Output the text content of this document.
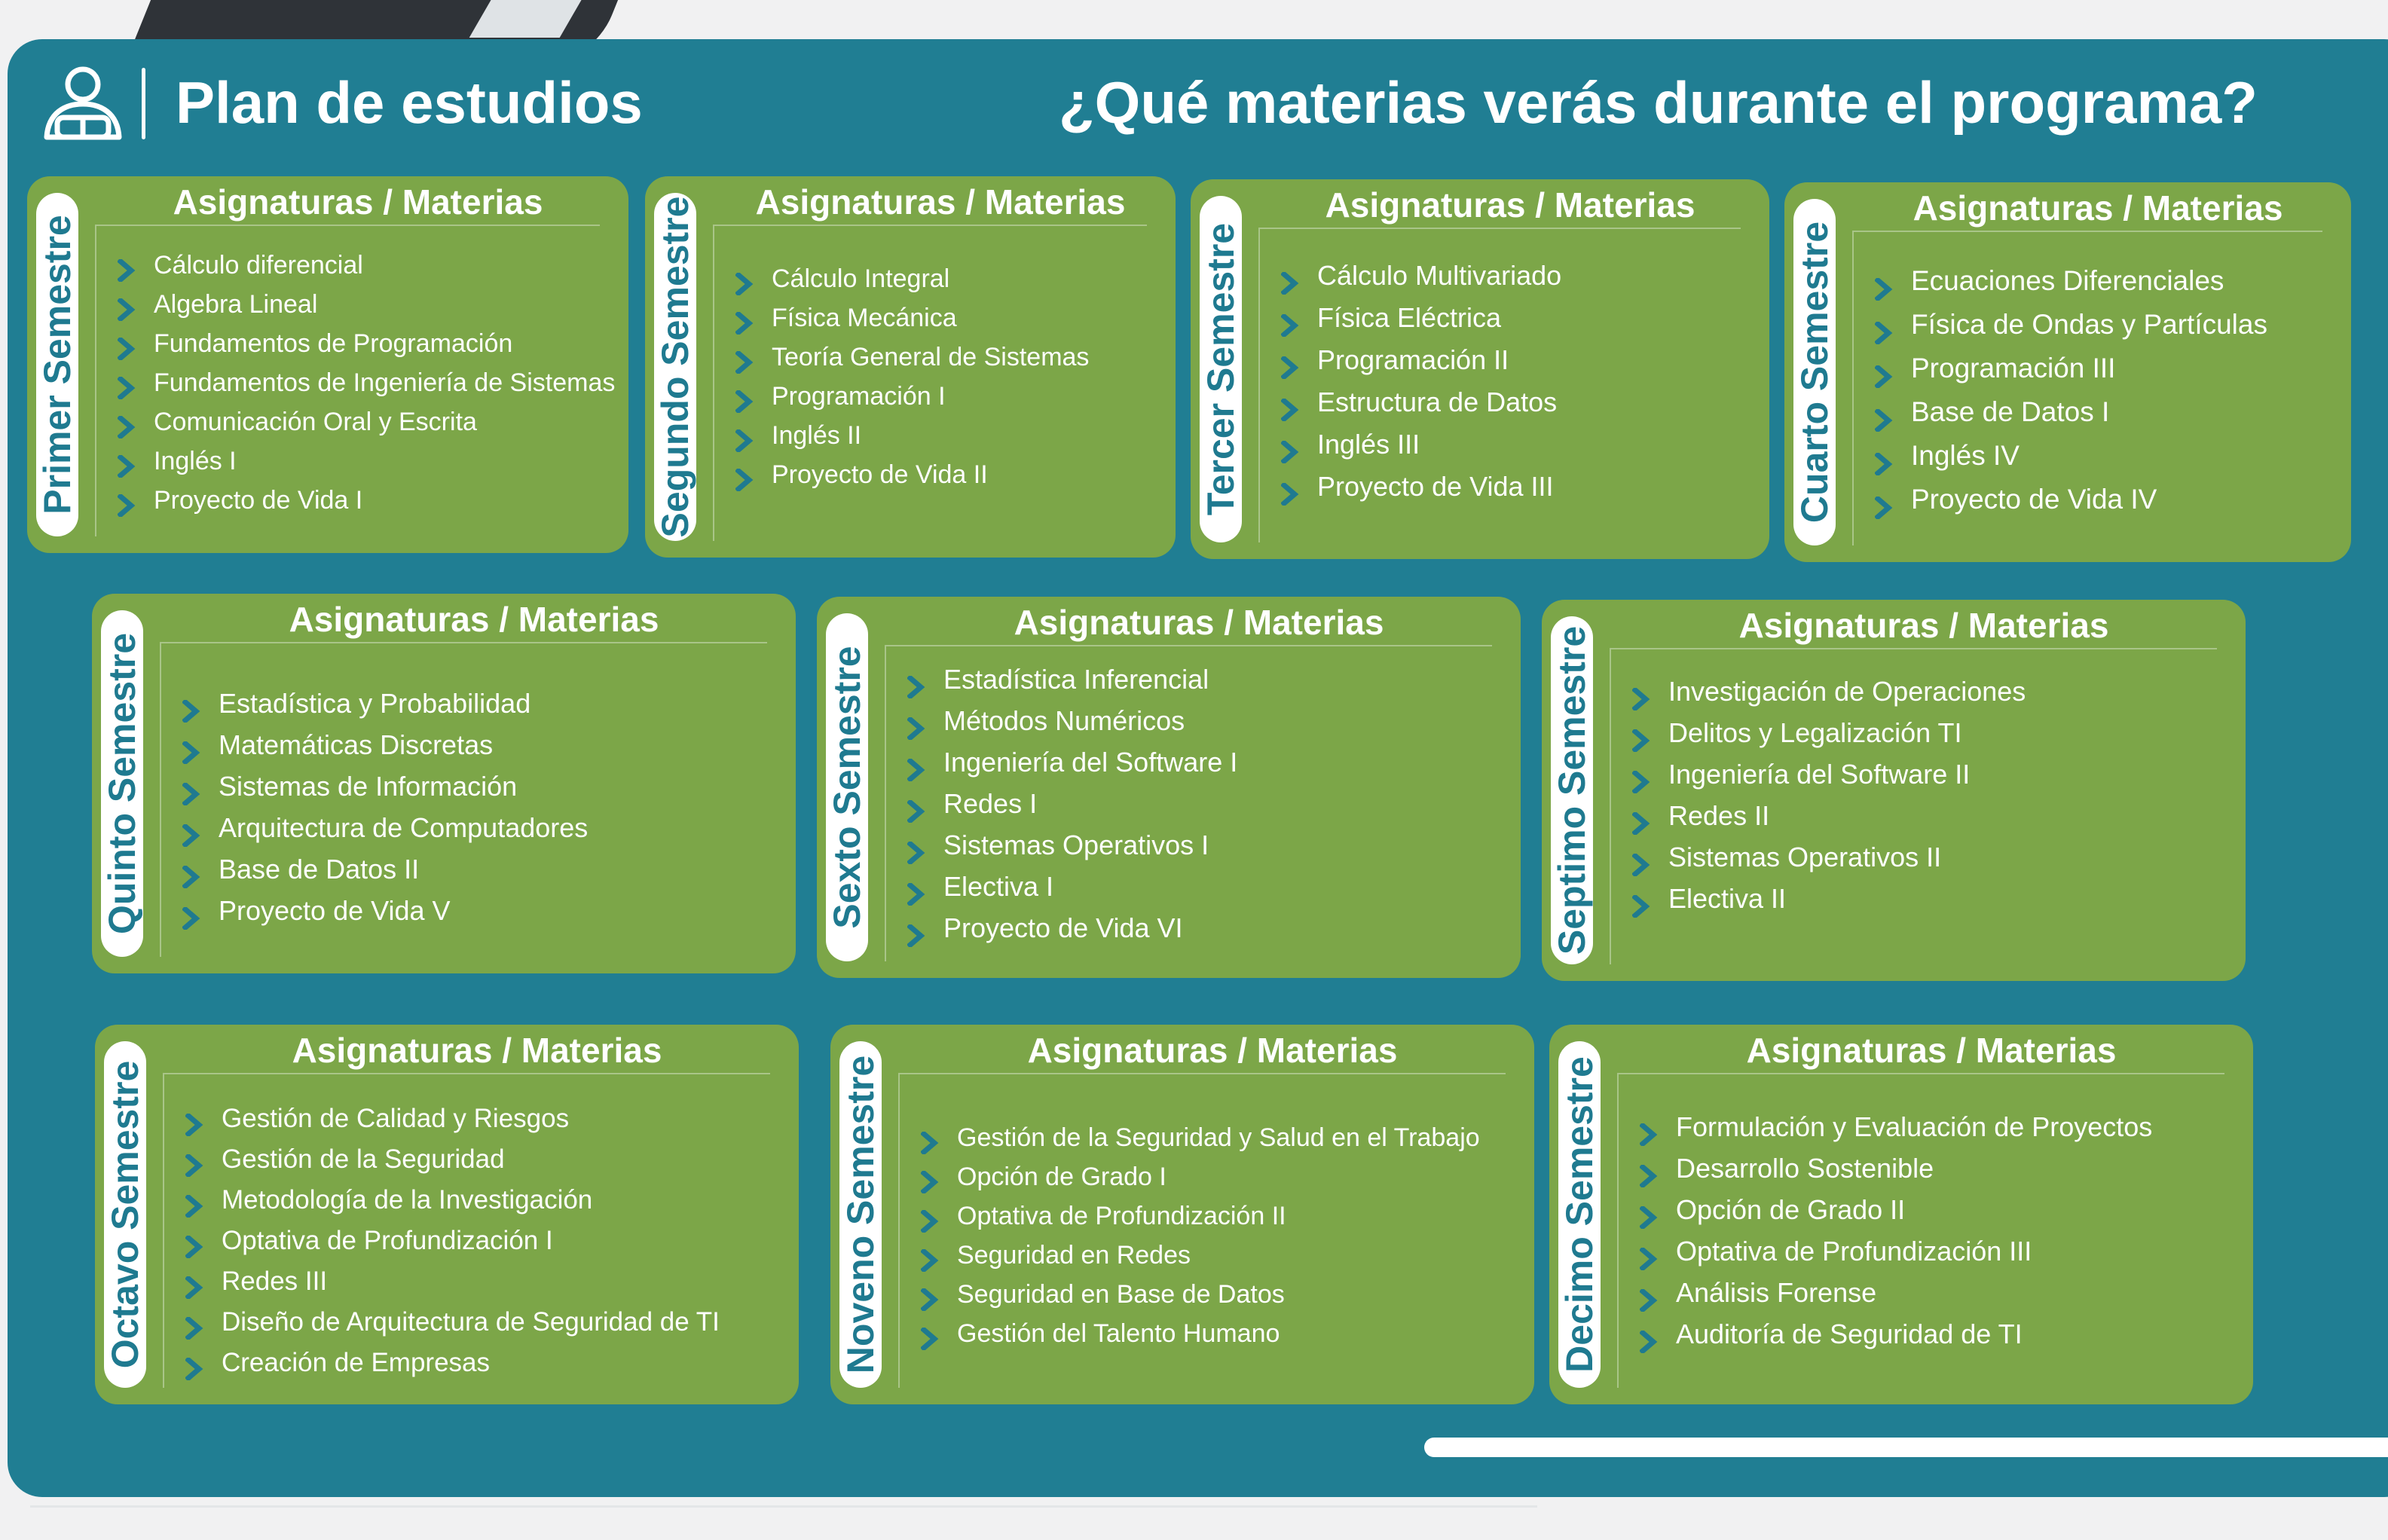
Plan de estudios	¿Qué materias verás durante el programa?
Primer Semestre
Asignaturas / Materias
Cálculo diferencial
Algebra Lineal
Fundamentos de Programación
Fundamentos de Ingeniería de Sistemas
Comunicación Oral y Escrita
Inglés I
Proyecto de Vida I	Segundo Semestre	Asignaturas / Materias
Cálculo Integral
Física Mecánica
Teoría General de Sistemas
Programación I
Inglés II
Proyecto de Vida II	Tercer Semestre
Asignaturas / Materias
Cálculo Multivariado
Física Eléctrica
Programación II
Estructura de Datos
Inglés III
Proyecto de Vida III	Cuarto Semestre
Asignaturas / Materias
Ecuaciones Diferenciales
Física de Ondas y Partículas
Programación III
Base de Datos I
Inglés IV
Proyecto de Vida IV
Quinto Semestre
Asignaturas / Materias
Estadística y Probabilidad
Matemáticas Discretas
Sistemas de Información
Arquitectura de Computadores
Base de Datos II
Proyecto de Vida V	Sexto Semestre
Asignaturas / Materias
Estadística Inferencial
Métodos Numéricos
Ingeniería del Software I
Redes I
Sistemas Operativos I
Electiva I
Proyecto de Vida VI	Septimo Semestre
Asignaturas / Materias
Investigación de Operaciones
Delitos y Legalización TI
Ingeniería del Software II
Redes II
Sistemas Operativos II
Electiva II
Octavo Semestre
Asignaturas / Materias
Gestión de Calidad y Riesgos
Gestión de la Seguridad
Metodología de la Investigación
Optativa de Profundización I
Redes III
Diseño de Arquitectura de Seguridad de TI
Creación de Empresas	Noveno Semestre
Asignaturas / Materias
Gestión de la Seguridad y Salud en el Trabajo
Opción de Grado I
Optativa de Profundización II
Seguridad en Redes
Seguridad en Base de Datos
Gestión del Talento Humano	Decimo Semestre
Asignaturas / Materias
Formulación y Evaluación de Proyectos
Desarrollo Sostenible
Opción de Grado II
Optativa de Profundización III
Análisis Forense
Auditoría de Seguridad de TI
